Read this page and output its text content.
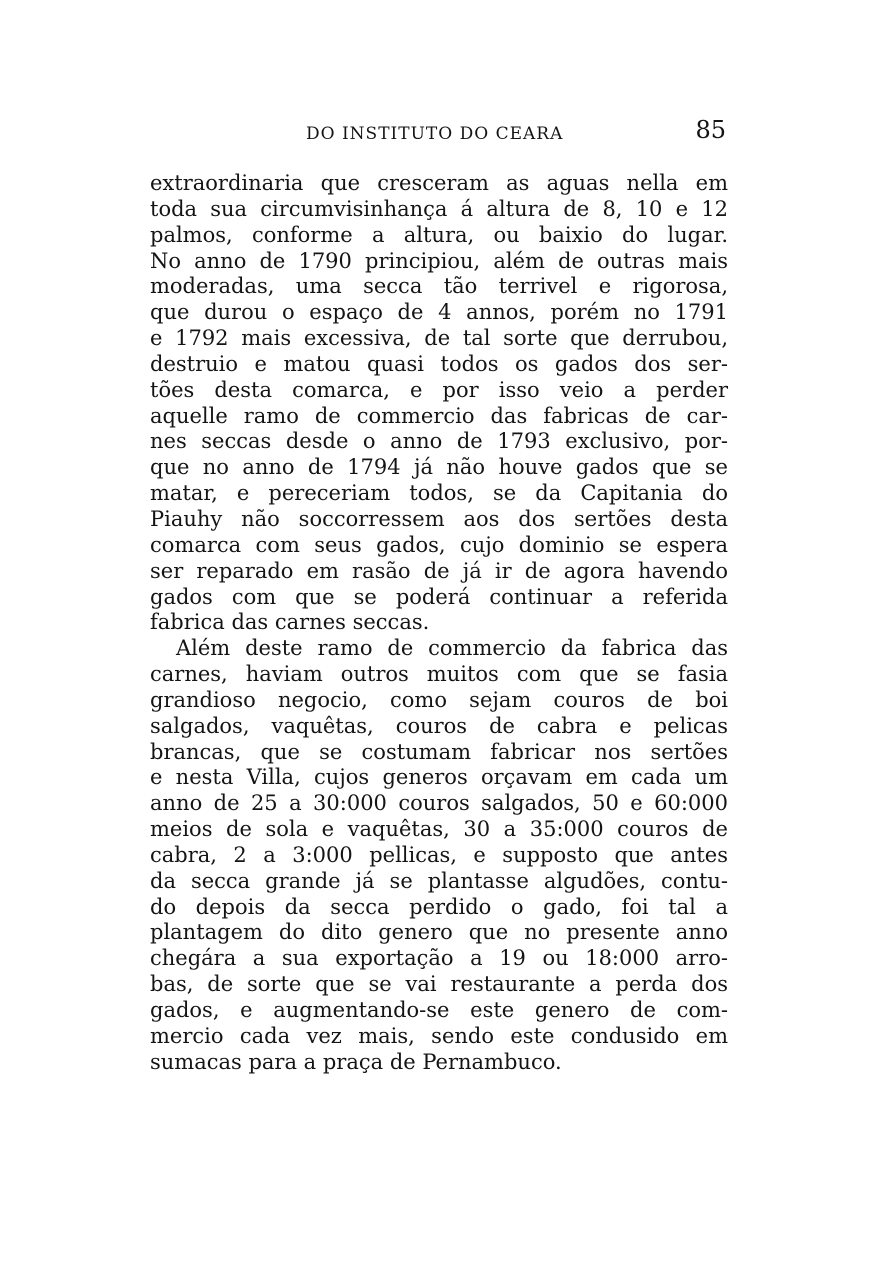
DO INSTITUTO DO CEARA	85
extraordinaria que cresceram as aguas nella em
toda sua circumvisinhança á altura de 8, 10 e 12
palmos, conforme a altura, ou baixio do lugar.
No anno de 1790 principiou, além de outras mais
moderadas, uma secca tão terrivel e rigorosa,
que durou o espaço de 4 annos, porém no 1791
e 1792 mais excessiva, de tal sorte que derrubou,
destruio e matou quasi todos os gados dos ser-
tões desta comarca, e por isso veio a perder
aquelle ramo de commercio das fabricas de car-
nes seccas desde o anno de 1793 exclusivo, por-
que no anno de 1794 já não houve gados que se
matar, e pereceriam todos, se da Capitania do
Piauhy não soccorressem aos dos sertões desta
comarca com seus gados, cujo dominio se espera
ser reparado em rasão de já ir de agora havendo
gados com que se poderá continuar a referida
fabrica das carnes seccas.
Além deste ramo de commercio da fabrica das
carnes, haviam outros muitos com que se fasia
grandioso negocio, como sejam couros de boi
salgados, vaquêtas, couros de cabra e pelicas
brancas, que se costumam fabricar nos sertões
e nesta Villa, cujos generos orçavam em cada um
anno de 25 a 30:000 couros salgados, 50 e 60:000
meios de sola e vaquêtas, 30 a 35:000 couros de
cabra, 2 a 3:000 pellicas, e supposto que antes
da secca grande já se plantasse algudões, contu-
do depois da secca perdido o gado, foi tal a
plantagem do dito genero que no presente anno
chegára a sua exportação a 19 ou 18:000 arro-
bas, de sorte que se vai restaurante a perda dos
gados, e augmentando-se este genero de com-
mercio cada vez mais, sendo este condusido em
sumacas para a praça de Pernambuco.
